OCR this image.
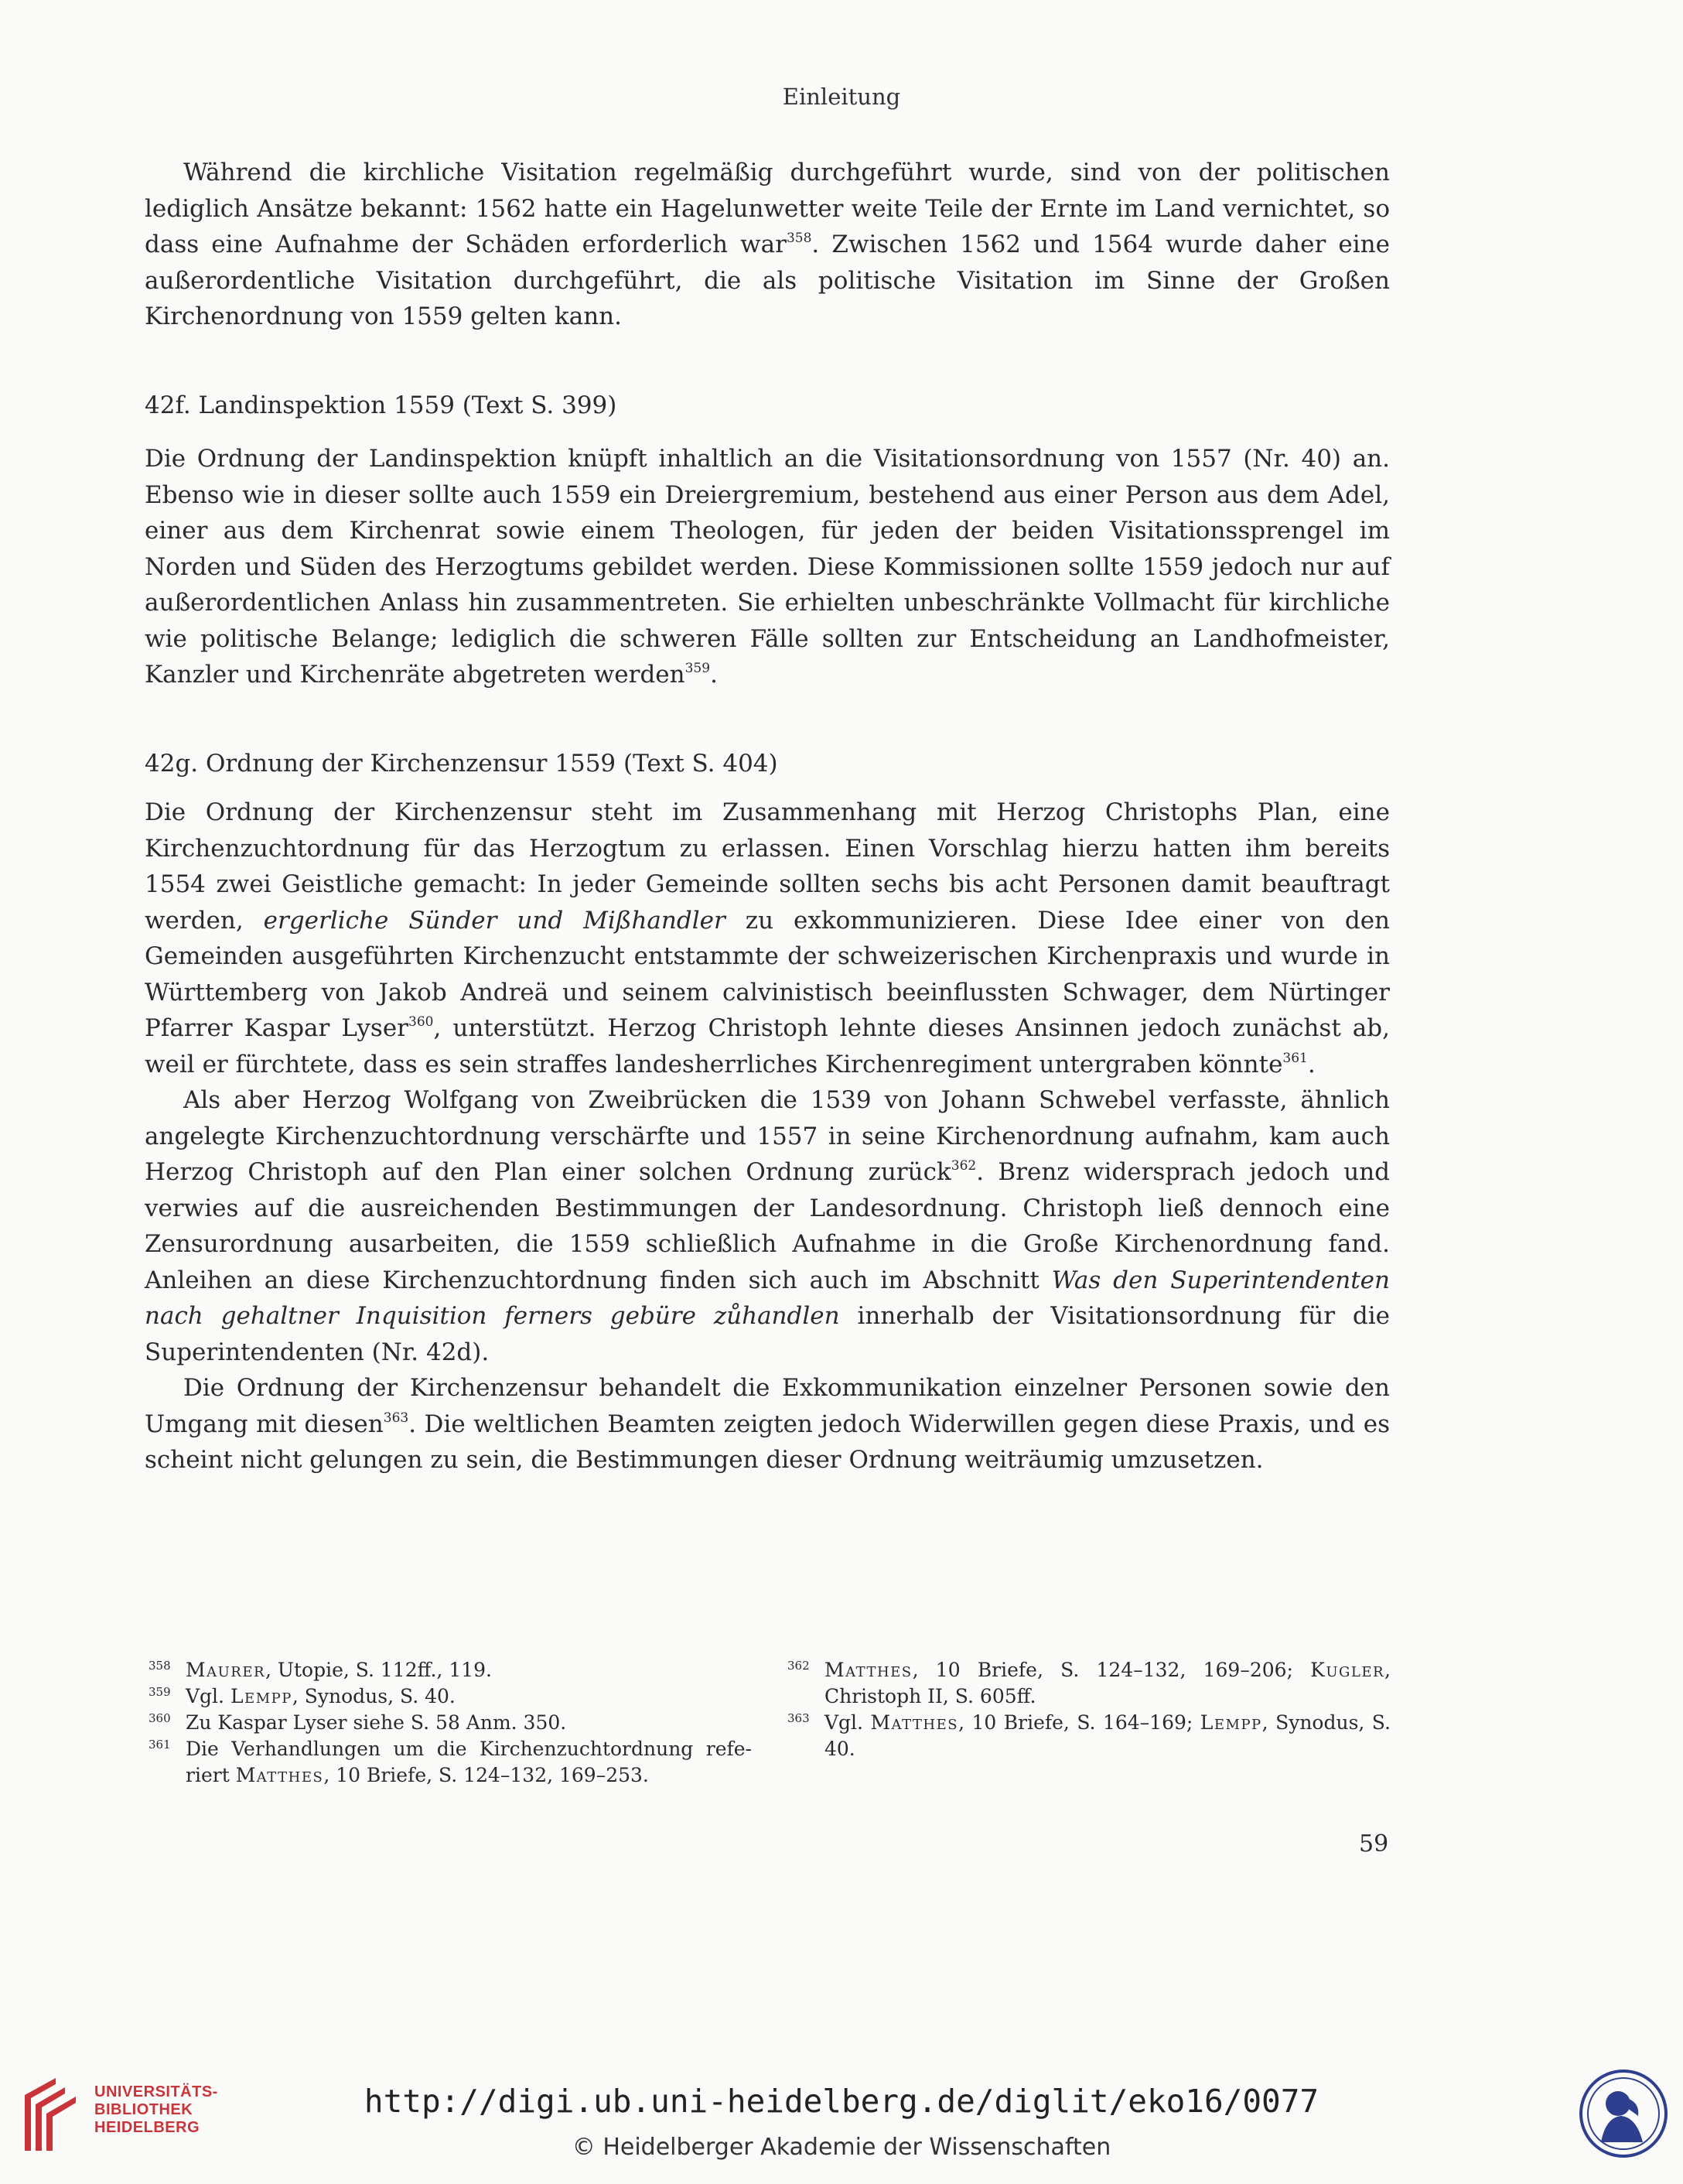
Einleitung

Während die kirchliche Visitation regelmäßig durchgeführt wurde, sind von der politischen lediglich Ansätze bekannt: 1562 hatte ein Hagelunwetter weite Teile der Ernte im Land vernichtet, so dass eine Aufnahme der Schäden erforderlich war$^{358}$. Zwischen 1562 und 1564 wurde daher eine außerordentliche Visitation durchgeführt, die als politische Visitation im Sinne der Großen Kirchenordnung von 1559 gelten kann.

42f. Landinspektion 1559 (Text S. 399)

Die Ordnung der Landinspektion knüpft inhaltlich an die Visitationsordnung von 1557 (Nr. 40) an. Ebenso wie in dieser sollte auch 1559 ein Dreiergremium, bestehend aus einer Person aus dem Adel, einer aus dem Kirchenrat sowie einem Theologen, für jeden der beiden Visitationssprengel im Norden und Süden des Herzogtums gebildet werden. Diese Kommissionen sollte 1559 jedoch nur auf außerordentlichen Anlass hin zusammentreten. Sie erhielten unbeschränkte Vollmacht für kirchliche wie politische Belange; lediglich die schweren Fälle sollten zur Entscheidung an Landhofmeister, Kanzler und Kirchenräte abgetreten werden$^{359}$.

42g. Ordnung der Kirchenzensur 1559 (Text S. 404)

Die Ordnung der Kirchenzensur steht im Zusammenhang mit Herzog Christophs Plan, eine Kirchenzuchtordnung für das Herzogtum zu erlassen. Einen Vorschlag hierzu hatten ihm bereits 1554 zwei Geistliche gemacht: In jeder Gemeinde sollten sechs bis acht Personen damit beauftragt werden, ergerliche Sünder und Mißhandler zu exkommunizieren. Diese Idee einer von den Gemeinden ausgeführten Kirchenzucht entstammte der schweizerischen Kirchenpraxis und wurde in Württemberg von Jakob Andreä und seinem calvinistisch beeinflussten Schwager, dem Nürtinger Pfarrer Kaspar Lyser$^{360}$, unterstützt. Herzog Christoph lehnte dieses Ansinnen jedoch zunächst ab, weil er fürchtete, dass es sein straffes landesherrliches Kirchenregiment untergraben könnte$^{361}$.

Als aber Herzog Wolfgang von Zweibrücken die 1539 von Johann Schwebel verfasste, ähnlich angelegte Kirchenzuchtordnung verschärfte und 1557 in seine Kirchenordnung aufnahm, kam auch Herzog Christoph auf den Plan einer solchen Ordnung zurück$^{362}$. Brenz widersprach jedoch und verwies auf die ausreichenden Bestimmungen der Landesordnung. Christoph ließ dennoch eine Zensurordnung ausarbeiten, die 1559 schließlich Aufnahme in die Große Kirchenordnung fand. Anleihen an diese Kirchenzuchtordnung finden sich auch im Abschnitt Was den Superintendenten nach gehaltner Inquisition ferners gebüre zůhandlen innerhalb der Visitationsordnung für die Superintendenten (Nr. 42d).

Die Ordnung der Kirchenzensur behandelt die Exkommunikation einzelner Personen sowie den Umgang mit diesen$^{363}$. Die weltlichen Beamten zeigten jedoch Widerwillen gegen diese Praxis, und es scheint nicht gelungen zu sein, die Bestimmungen dieser Ordnung weiträumig umzusetzen.

358 Maurer, Utopie, S. 112ff., 119.
359 Vgl. Lempp, Synodus, S. 40.
360 Zu Kaspar Lyser siehe S. 58 Anm. 350.
361 Die Verhandlungen um die Kirchenzuchtordnung referiert Matthes, 10 Briefe, S. 124–132, 169–253.
362 Matthes, 10 Briefe, S. 124–132, 169–206; Kugler, Christoph II, S. 605ff.
363 Vgl. Matthes, 10 Briefe, S. 164–169; Lempp, Synodus, S. 40.
59
UNIVERSITÄTS-
BIBLIOTHEK
HEIDELBERG
http://digi.ub.uni-heidelberg.de/diglit/eko16/0077
© Heidelberger Akademie der Wissenschaften
